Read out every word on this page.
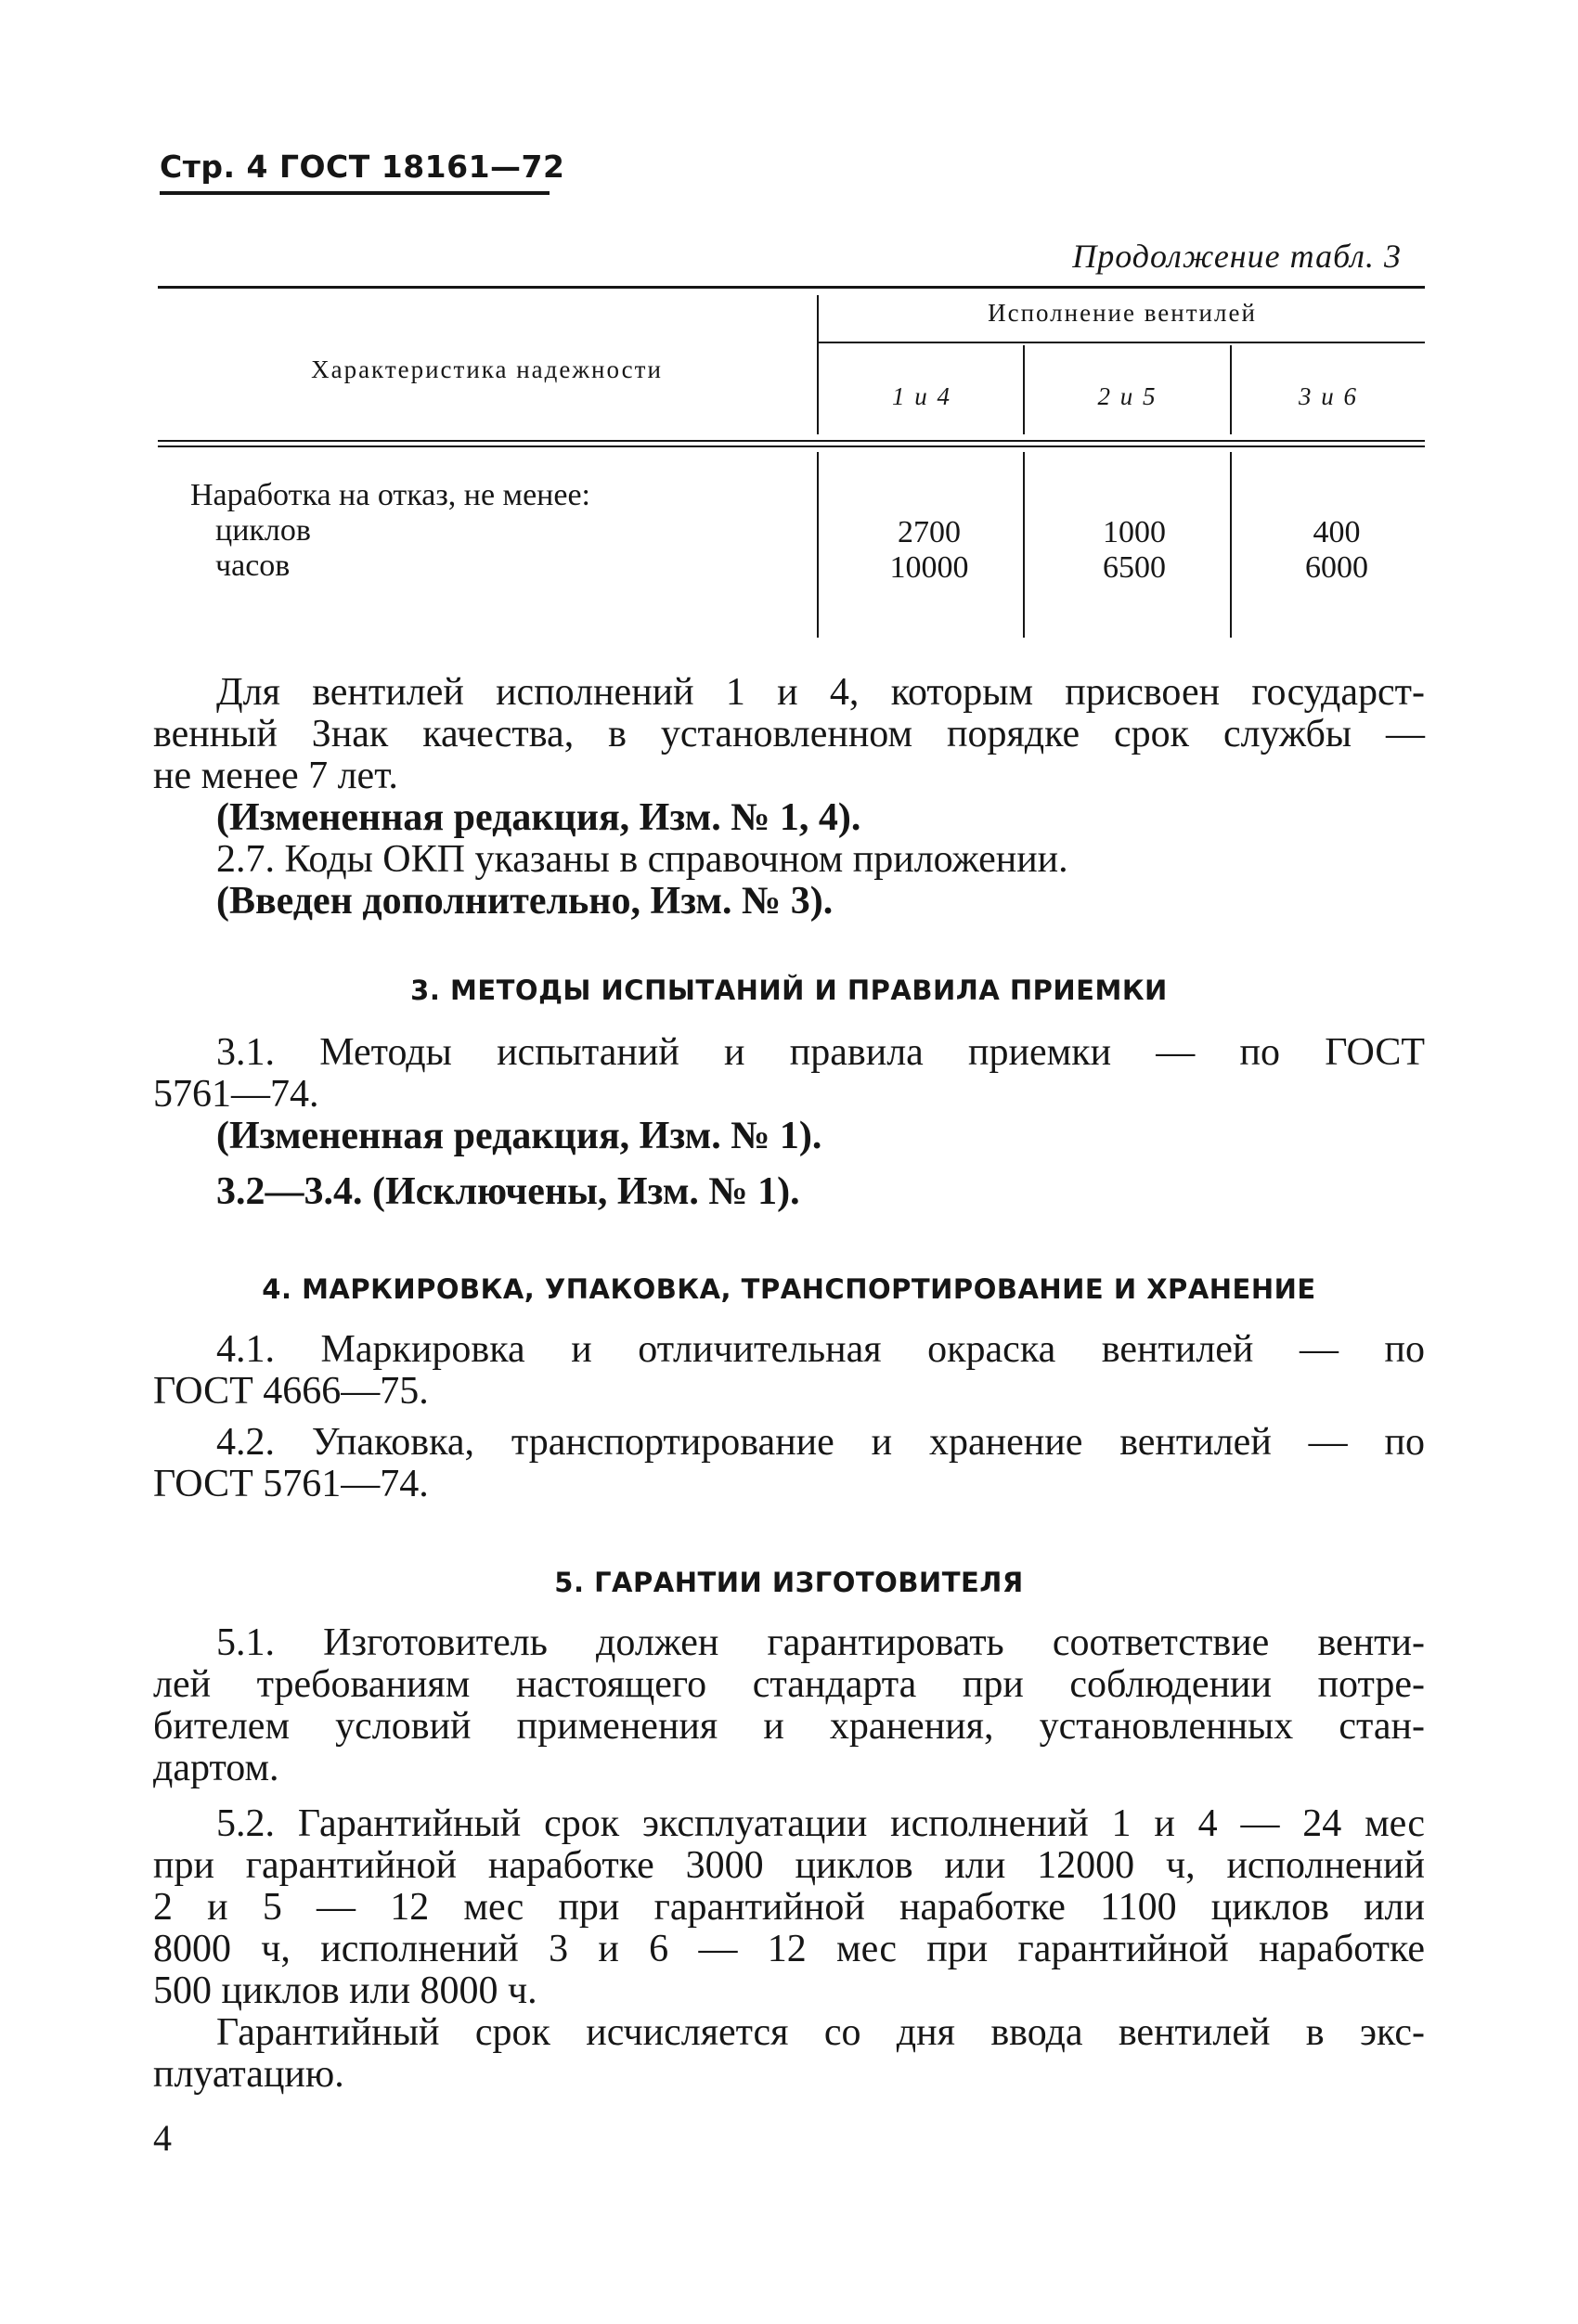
Стр. 4 ГОСТ 18161—72
Продолжение табл. 3
Характеристика надежности
Исполнение вентилей
1 и 4	2 и 5	3 и 6
Наработка на отказ, не менее:
циклов
часов
2700
10000
1000
6500
400
6000
Для вентилей исполнений 1 и 4, которым присвоен государст-
венный Знак качества, в установленном порядке срок службы —
не менее 7 лет.
(Измененная редакция, Изм. № 1, 4).
2.7. Коды ОКП указаны в справочном приложении.
(Введен дополнительно, Изм. № 3).
3. МЕТОДЫ ИСПЫТАНИЙ И ПРАВИЛА ПРИЕМКИ
3.1. Методы испытаний и правила приемки — по ГОСТ
5761—74.
(Измененная редакция, Изм. № 1).
3.2—3.4. (Исключены, Изм. № 1).
4. МАРКИРОВКА, УПАКОВКА, ТРАНСПОРТИРОВАНИЕ И ХРАНЕНИЕ
4.1. Маркировка и отличительная окраска вентилей — по
ГОСТ 4666—75.
4.2. Упаковка, транспортирование и хранение вентилей — по
ГОСТ 5761—74.
5. ГАРАНТИИ ИЗГОТОВИТЕЛЯ
5.1. Изготовитель должен гарантировать соответствие венти-
лей требованиям настоящего стандарта при соблюдении потре-
бителем условий применения и хранения, установленных стан-
дартом.
5.2. Гарантийный срок эксплуатации исполнений 1 и 4 — 24 мес
при гарантийной наработке 3000 циклов или 12000 ч, исполнений
2 и 5 — 12 мес при гарантийной наработке 1100 циклов или
8000 ч, исполнений 3 и 6 — 12 мес при гарантийной наработке
500 циклов или 8000 ч.
Гарантийный срок исчисляется со дня ввода вентилей в экс-
плуатацию.
4
